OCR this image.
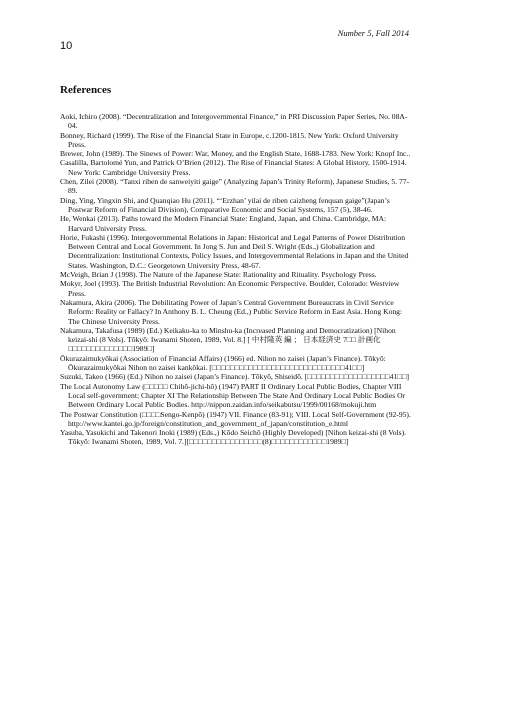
Number 5, Fall 2014
10
References
Aoki, Ichiro (2008). “Decentralization and Intergovernmental Finance,” in PRI Discussion Paper Series, No. 08A-04.
Bonney, Richard (1999). The Rise of the Financial State in Europe, c.1200-1815. New York: Oxford University Press.
Brewer, John (1989). The Sinews of Power: War, Money, and the English State, 1688-1783. New York: Knopf Inc..
Casalilla, Bartolomé Yun, and Patrick O’Brien (2012). The Rise of Financial States: A Global History, 1500-1914. New York: Cambridge University Press.
Chen, Zilei (2008). “Tanxi riben de sanweiyiti gaige” (Analyzing Japan’s Trinity Reform), Japanese Studies, 5. 77-89.
Ding, Ying, Yingxin Shi, and Quanqiao Hu (2011). “‘Erzhan’ yilai de riben caizheng fenquan gaige”(Japan’s Postwar Reform of Financial Division), Comparative Economic and Social Systems, 157 (5), 38-46.
He, Wenkai (2013). Paths toward the Modern Financial State: England, Japan, and China. Cambridge, MA: Harvard University Press.
Horie, Fukashi (1996). Intergovernmental Relations in Japan: Historical and Legal Patterns of Power Distribution Between Central and Local Government. In Jong S. Jun and Deil S. Wright (Eds.,) Globalization and Decentralization: Institutional Contexts, Policy Issues, and Intergovernmental Relations in Japan and the United States. Washington, D.C.: Georgetown University Press, 48-67.
McVeigh, Brian J (1998). The Nature of the Japanese State: Rationality and Rituality. Psychology Press.
Mokyr, Joel (1993). The British Industrial Revolution: An Economic Perspective. Boulder, Colorado: Westview Press.
Nakamura, Akira (2006). The Debilitating Power of Japan’s Central Government Bureaucrats in Civil Service Reform: Reality or Fallacy? In Anthony B. L. Cheung (Ed.,) Public Service Reform in East Asia. Hong Kong: The Chinese University Press.
Nakamura, Takafusa (1989) (Ed.) Keikaku-ka to Minshu-ka (Increased Planning and Democratization) [Nihon keizai-shi (8 Vols). Tōkyō: Iwanami Shoten, 1989, Vol. 8.] [ 中村隆英 編 ； 日本経済史 7□□ 計画化 □□□□□□□□□□□□□□1989□]
Ōkurazaimukyōkai (Association of Financial Affairs) (1966) ed. Nihon no zaisei (Japan’s Finance). Tōkyō: Ōkurazaimukyōkai Nihon no zaisei kankōkai. [□□□□□□□□□□□□□□□□□□□□□□□□□□□□□41□□]
Suzuki, Takeo (1966) (Ed.) Nihon no zaisei (Japan’s Finance). Tōkyō, Shiseidō. [□□□□□□□□□□□□□□□□□□41□□]
The Local Autonomy Law (□□□□□ Chihō-jichi-hō) (1947) PART II Ordinary Local Public Bodies, Chapter VIII Local self-government; Chapter XI The Relationship Between The State And Ordinary Local Public Bodies Or Between Ordinary Local Public Bodies. http://nippon.zaidan.info/seikabutsu/1999/00168/mokuji.htm
The Postwar Constitution (□□□□Sengo-Kenpō) (1947) VII. Finance (83-91); VIII. Local Self-Government (92-95). http://www.kantei.go.jp/foreign/constitution_and_government_of_japan/constitution_e.html
Yasuba, Yasukichi and Takenori Inoki (1989) (Eds.,) Kōdo Seichō (Highly Developed) [Nihon keizai-shi (8 Vols). Tōkyō: Iwanami Shoten, 1989, Vol. 7.][□□□□□□□□□□□□□□□□(8)□□□□□□□□□□□□1989□]
